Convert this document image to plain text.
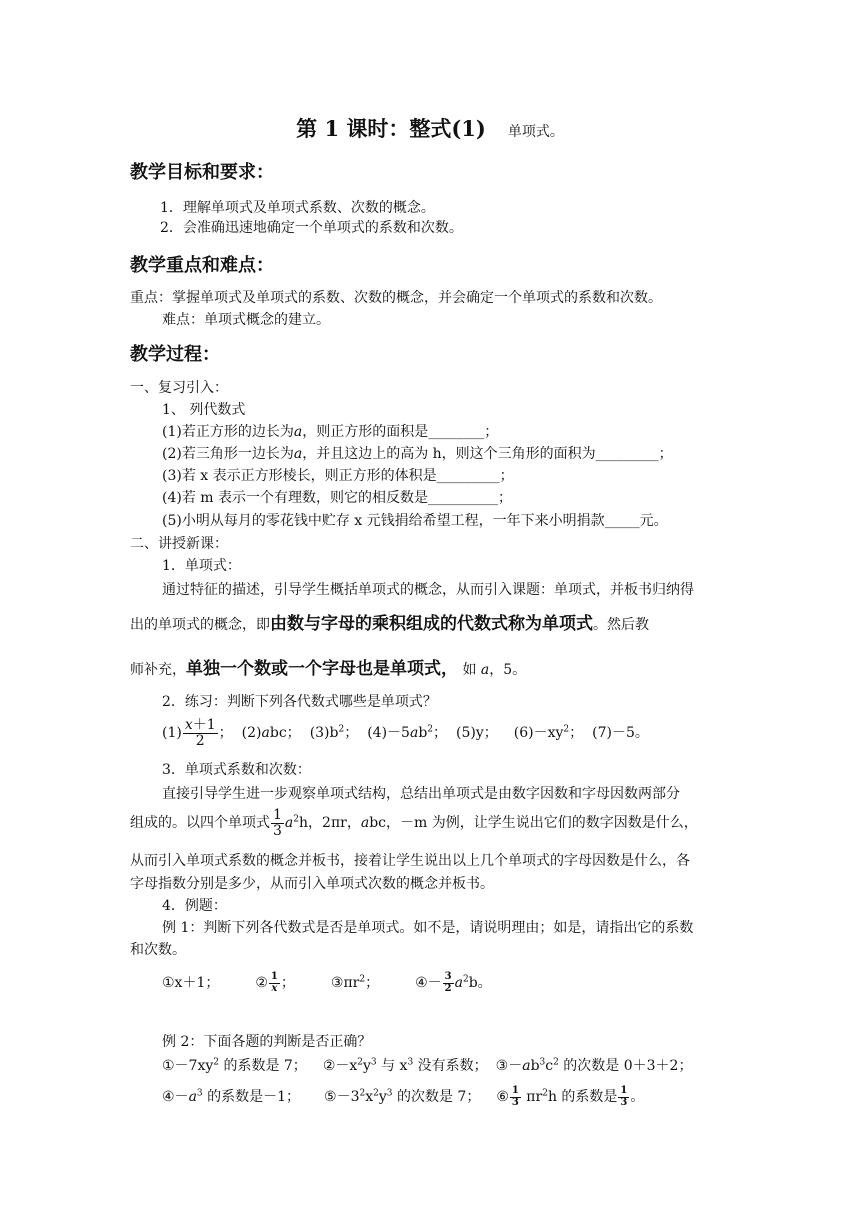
第 1 课时：整式(1) 单项式。
教学目标和要求：
1．理解单项式及单项式系数、次数的概念。
2．会准确迅速地确定一个单项式的系数和次数。
教学重点和难点：
重点：掌握单项式及单项式的系数、次数的概念，并会确定一个单项式的系数和次数。
难点：单项式概念的建立。
教学过程：
一、复习引入：
1、 列代数式
(1)若正方形的边长为a，则正方形的面积是________；
(2)若三角形一边长为a，并且这边上的高为 h，则这个三角形的面积为_________；
(3)若 x 表示正方形棱长，则正方形的体积是_________；
(4)若 m 表示一个有理数，则它的相反数是__________；
(5)小明从每月的零花钱中贮存 x 元钱捐给希望工程，一年下来小明捐款_____元。
二、讲授新课：
1．单项式：
通过特征的描述，引导学生概括单项式的概念，从而引入课题：单项式，并板书归纳得
出的单项式的概念，即由数与字母的乘积组成的代数式称为单项式。然后教
师补充，单独一个数或一个字母也是单项式， 如 a，5。
2．练习：判断下列各代数式哪些是单项式？
$(1) \frac{x+1}{2}$ ； (2)abc； $(3)b^2$； $(4)-5ab^2$； (5)y； $(6)-xy^2$； (7)－5。
3．单项式系数和次数：
直接引导学生进一步观察单项式结构，总结出单项式是由数字因数和字母因数两部分
组成的。以四个单项式 $\frac{1}{3} a^2h$，2πr，abc，－m 为例，让学生说出它们的数字因数是什么，
从而引入单项式系数的概念并板书，接着让学生说出以上几个单项式的字母因数是什么，各
字母指数分别是多少，从而引入单项式次数的概念并板书。
4．例题：
例 1：判断下列各代数式是否是单项式。如不是，请说明理由；如是，请指出它的系数
和次数。
①x＋1；	② $\frac{1}{x}$ ；	$③\pi r^2$；	④－ $\frac{3}{2} a^2b$。
例 2：下面各题的判断是否正确？
$①-7xy^2$ 的系数是 7； $②-x^2y^3$ 与 $x^3$ 没有系数； $③-ab^3c^2$ 的次数是 0＋3＋2；
$④-a^3$ 的系数是－1； $⑤-3^2x^2y^3$ 的次数是 7； ⑥ $\frac{1}{3} \pi r^2h$ 的系数是 $\frac{1}{3}$ 。
